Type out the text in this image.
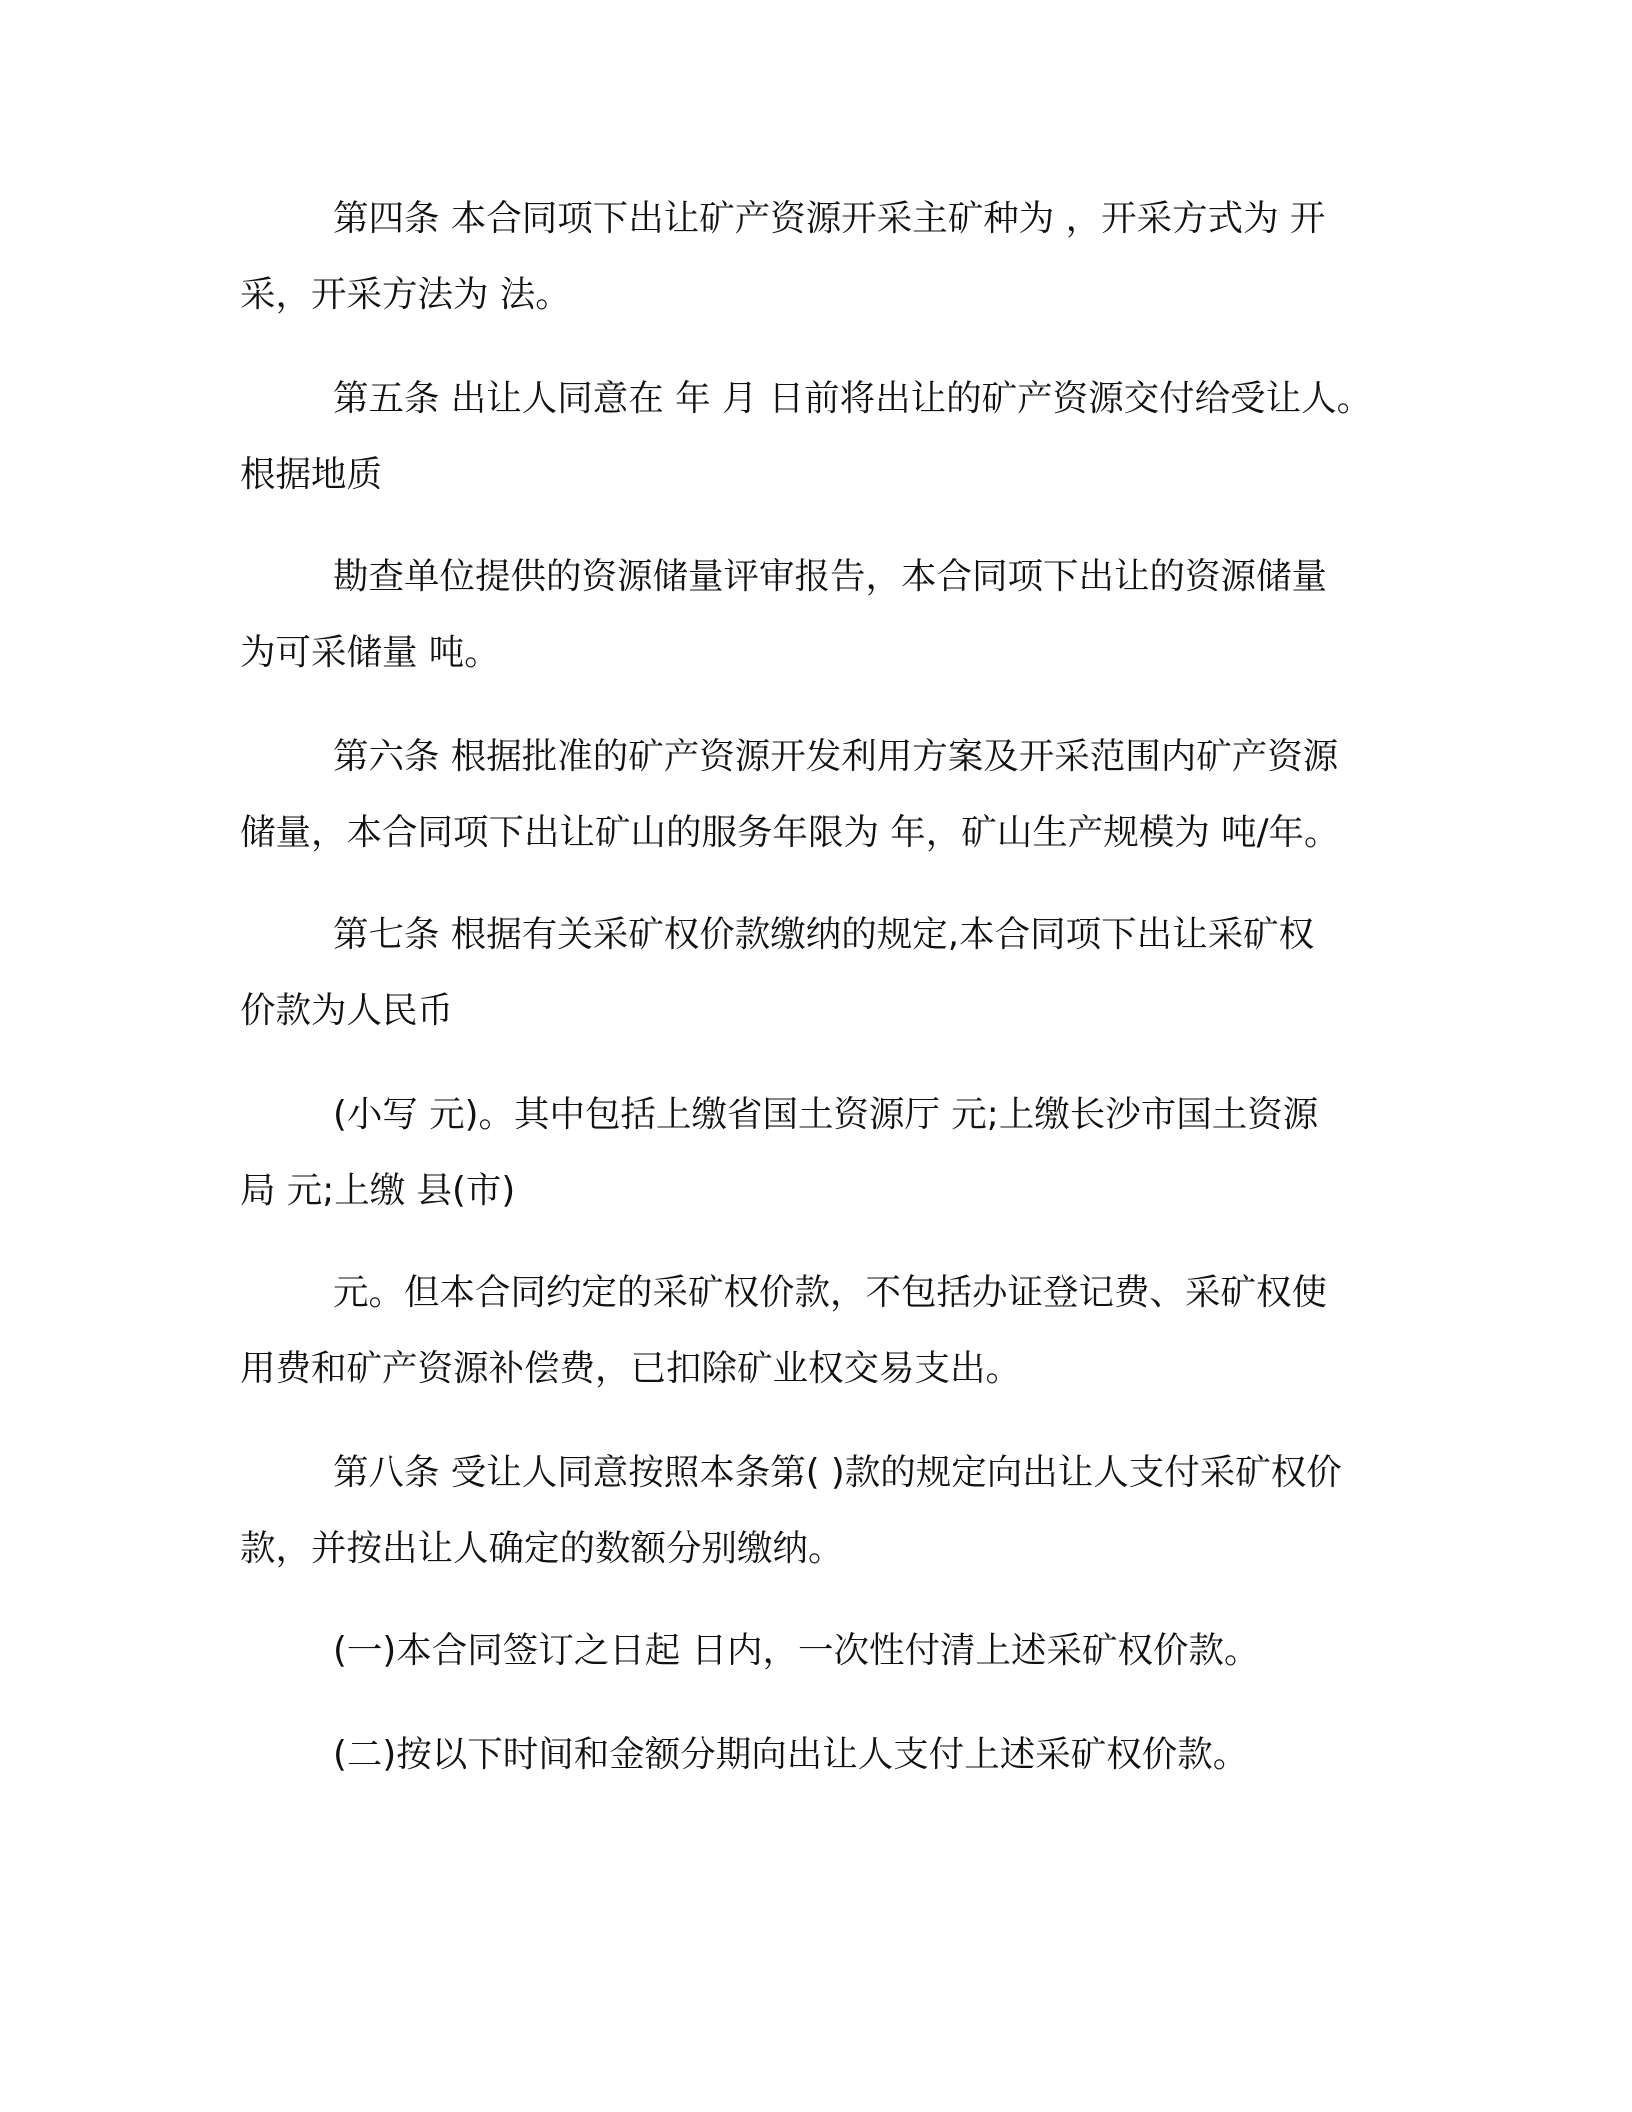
第四条 本合同项下出让矿产资源开采主矿种为 ，开采方式为 开

采，开采方法为 法。

第五条 出让人同意在 年 月 日前将出让的矿产资源交付给受让人。

根据地质

勘查单位提供的资源储量评审报告，本合同项下出让的资源储量

为可采储量 吨。

第六条 根据批准的矿产资源开发利用方案及开采范围内矿产资源

储量，本合同项下出让矿山的服务年限为 年，矿山生产规模为 吨/年。

第七条 根据有关采矿权价款缴纳的规定,本合同项下出让采矿权

价款为人民币

(小写 元)。其中包括上缴省国土资源厅 元;上缴长沙市国土资源

局 元;上缴 县(市)

元。但本合同约定的采矿权价款，不包括办证登记费、采矿权使

用费和矿产资源补偿费，已扣除矿业权交易支出。

第八条 受让人同意按照本条第( )款的规定向出让人支付采矿权价

款，并按出让人确定的数额分别缴纳。

(一)本合同签订之日起 日内，一次性付清上述采矿权价款。

(二)按以下时间和金额分期向出让人支付上述采矿权价款。
